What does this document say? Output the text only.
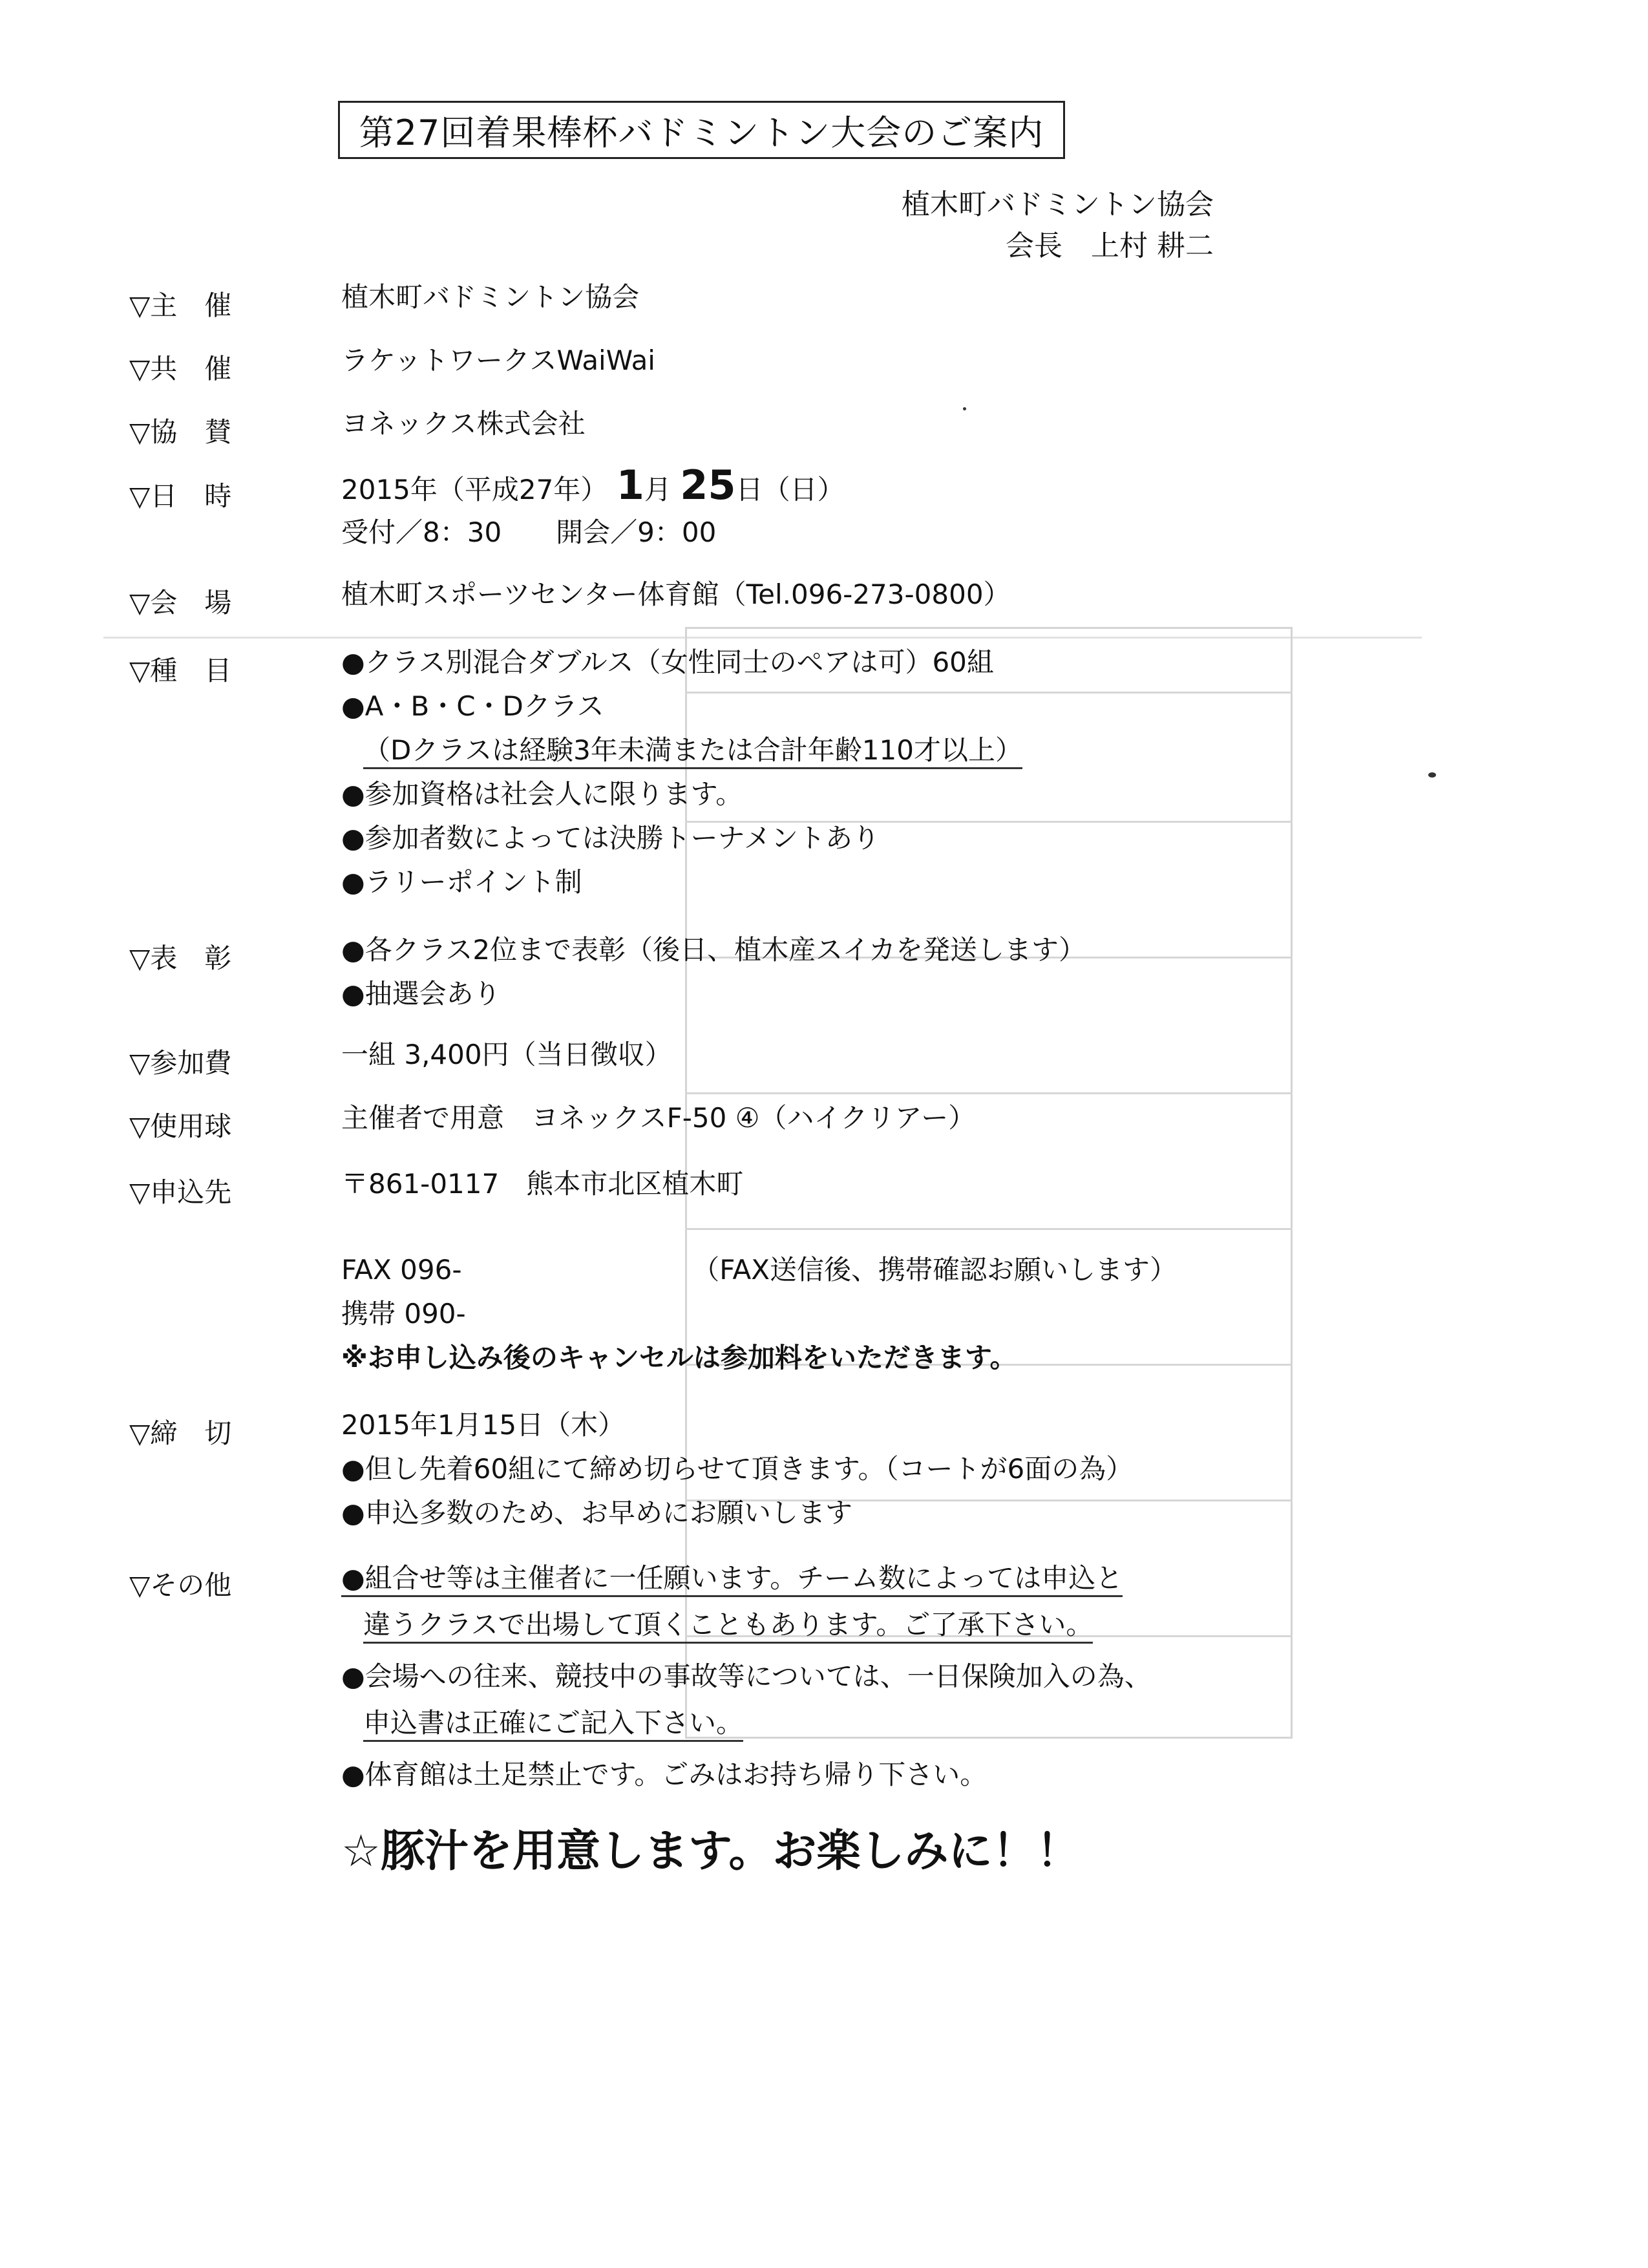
第27回着果棒杯バドミントン大会のご案内
植木町バドミントン協会
会長　上村 耕二
▽主　催	植木町バドミントン協会
▽共　催	ラケットワークスWaiWai
▽協　賛	ヨネックス株式会社
▽日　時	2015年（平成27年） 1月 25日（日）
受付／8：30　　開会／9：00
▽会　場	植木町スポーツセンター体育館（Tel.096-273-0800）
▽種　目	●クラス別混合ダブルス（女性同士のペアは可）60組
●A・B・C・Dクラス
（Dクラスは経験3年未満または合計年齢110才以上）
●参加資格は社会人に限ります。
●参加者数によっては決勝トーナメントあり
●ラリーポイント制
▽表　彰	●各クラス2位まで表彰（後日、植木産スイカを発送します）
●抽選会あり
▽参加費	一組 3,400円（当日徴収）
▽使用球	主催者で用意　ヨネックスF-50 ④（ハイクリアー）
▽申込先	〒861-0117　熊本市北区植木町
FAX 096-	（FAX送信後、携帯確認お願いします）
携帯 090-
※お申し込み後のキャンセルは参加料をいただきます。
▽締　切	2015年1月15日（木）
●但し先着60組にて締め切らせて頂きます。（コートが6面の為）
●申込多数のため、お早めにお願いします
▽その他	●組合せ等は主催者に一任願います。チーム数によっては申込と
違うクラスで出場して頂くこともあります。ご了承下さい。
●会場への往来、競技中の事故等については、一日保険加入の為、
申込書は正確にご記入下さい。
●体育館は土足禁止です。ごみはお持ち帰り下さい。
☆豚汁を用意します。お楽しみに！！
